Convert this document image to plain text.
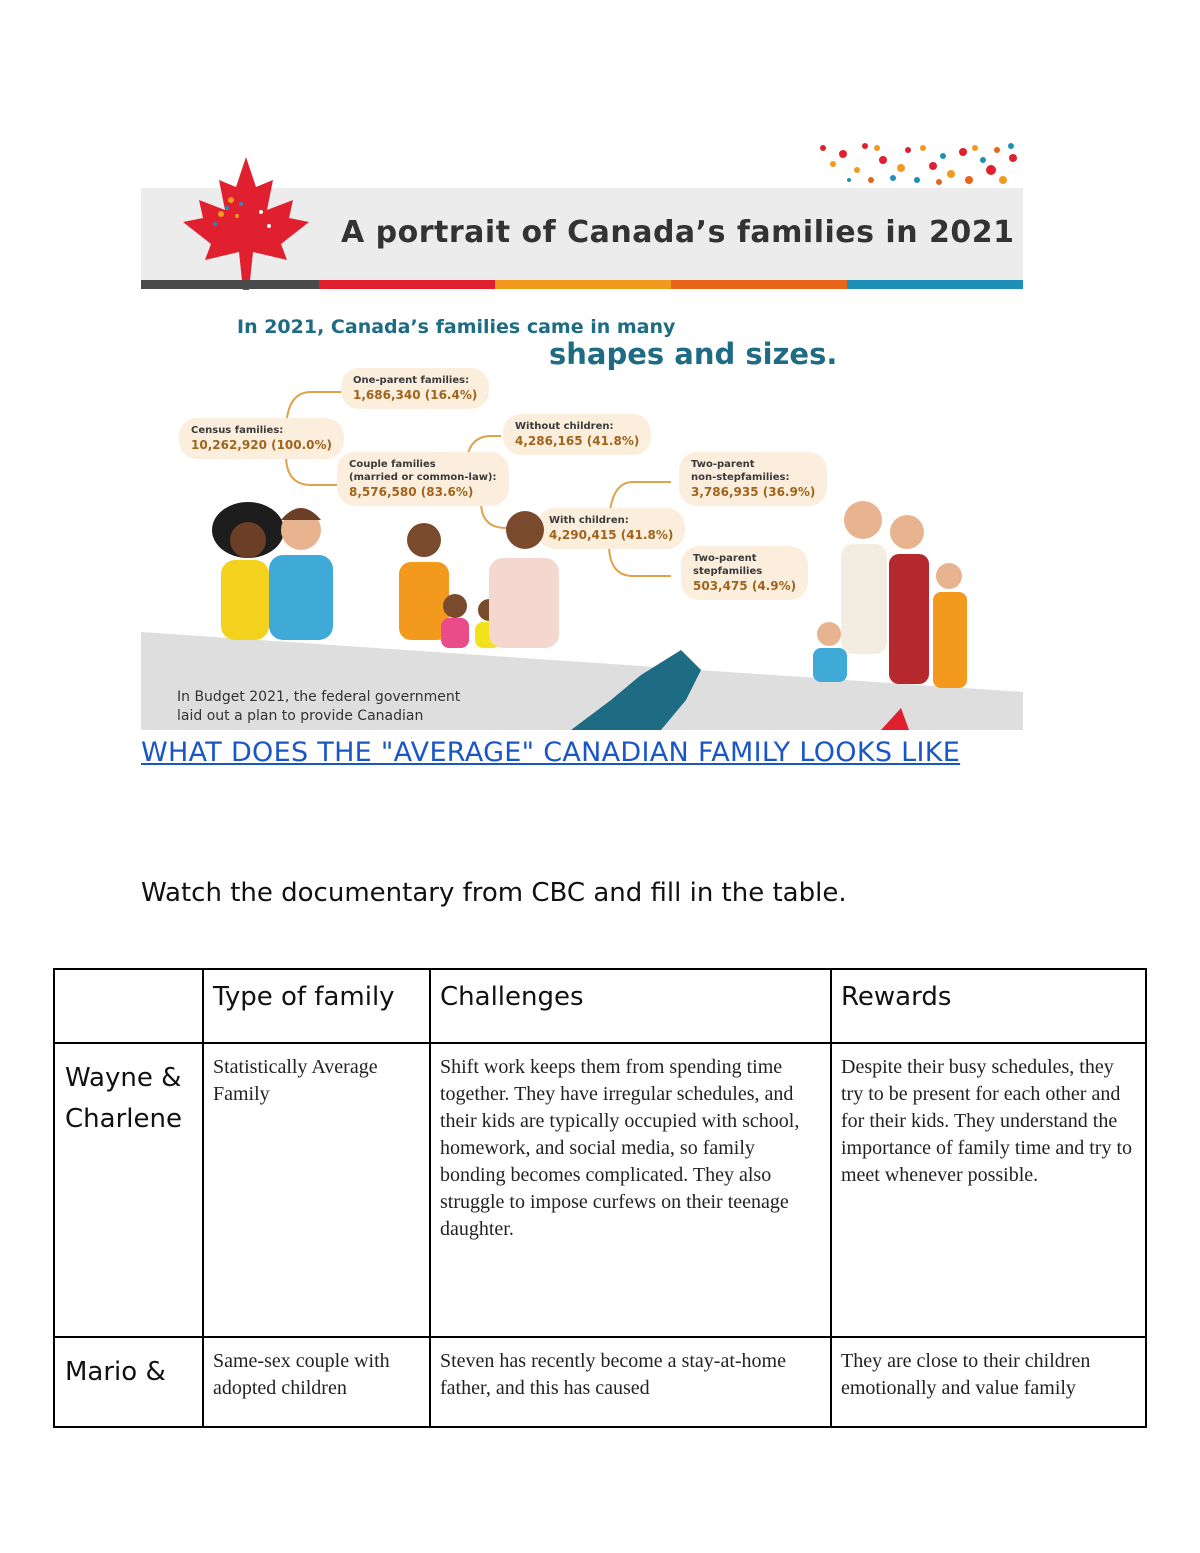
A portrait of Canada’s families in 2021
In 2021, Canada’s families came in many
shapes and sizes.
Census families:
10,262,920 (100.0%)
One-parent families:
1,686,340 (16.4%)
Couple families
(married or common-law):
8,576,580 (83.6%)
Without children:
4,286,165 (41.8%)
With children:
4,290,415 (41.8%)
Two-parent
non-stepfamilies:
3,786,935 (36.9%)
Two-parent
stepfamilies
503,475 (4.9%)
In Budget 2021, the federal government
laid out a plan to provide Canadian
WHAT DOES THE "AVERAGE" CANADIAN FAMILY LOOKS LIKE
Watch the documentary from CBC and fill in the table.
	Type of family	Challenges	Rewards
Wayne & Charlene	Statistically Average Family	Shift work keeps them from spending time together. They have irregular schedules, and their kids are typically occupied with school, homework, and social media, so family bonding becomes complicated. They also struggle to impose curfews on their teenage daughter.	Despite their busy schedules, they try to be present for each other and for their kids. They understand the importance of family time and try to meet whenever possible.
Mario &	Same-sex couple with adopted children	Steven has recently become a stay-at-home father, and this has caused	They are close to their children emotionally and value family
